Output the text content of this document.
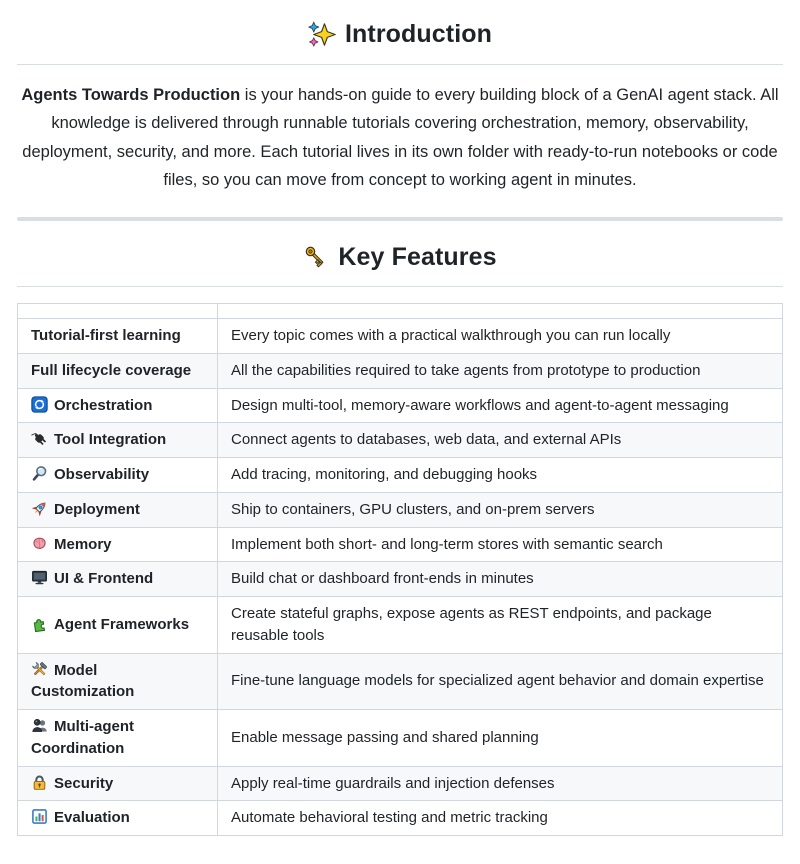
Introduction

Agents Towards Production is your hands-on guide to every building block of a GenAI agent stack. All knowledge is delivered through runnable tutorials covering orchestration, memory, observability, deployment, security, and more. Each tutorial lives in its own folder with ready-to-run notebooks or code files, so you can move from concept to working agent in minutes.

Key Features

Tutorial-first learning	Every topic comes with a practical walkthrough you can run locally
Full lifecycle coverage	All the capabilities required to take agents from prototype to production

Orchestration	Design multi-tool, memory-aware workflows and agent-to-agent messaging

Tool Integration	Connect agents to databases, web data, and external APIs

Observability	Add tracing, monitoring, and debugging hooks

Deployment	Ship to containers, GPU clusters, and on-prem servers

Memory	Implement both short- and long-term stores with semantic search

UI & Frontend	Build chat or dashboard front-ends in minutes

Agent Frameworks	Create stateful graphs, expose agents as REST endpoints, and package reusable tools

Model Customization	Fine-tune language models for specialized agent behavior and domain expertise

Multi-agent Coordination	Enable message passing and shared planning

Security	Apply real-time guardrails and injection defenses

Evaluation	Automate behavioral testing and metric tracking
